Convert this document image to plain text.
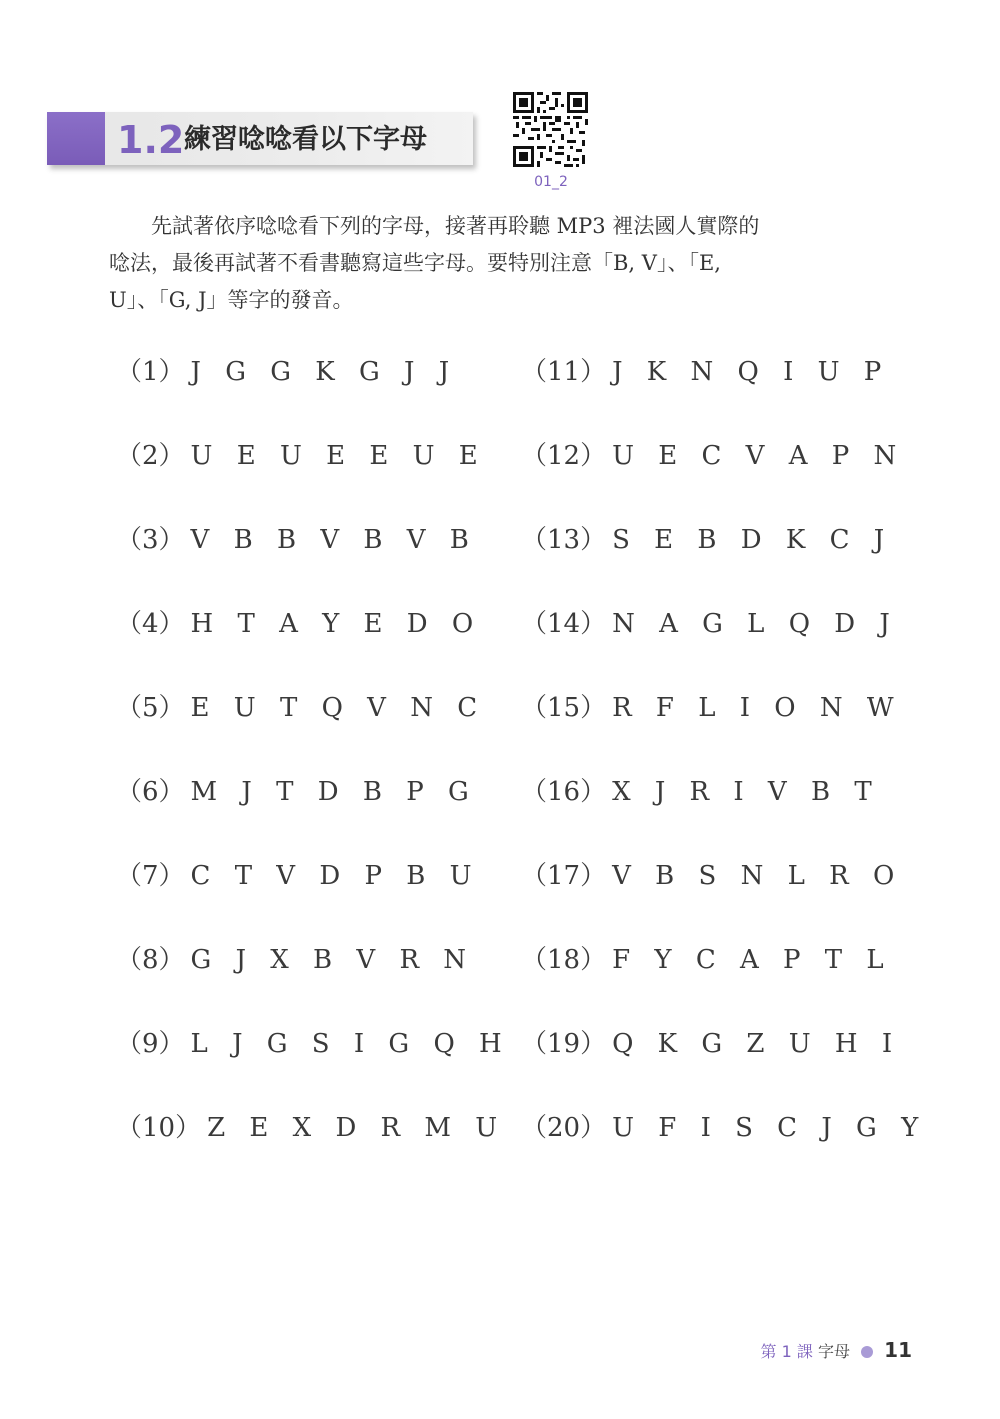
1.2 練習唸唸看以下字母
01_2

先試著依序唸唸看下列的字母，接著再聆聽 MP3 裡法國人實際的

唸法，最後再試著不看書聽寫這些字母。要特別注意「B, V」、「E,

U」、「G, J」等字的發音。

（1） J G G K G J J
（2） U E U E E U E
（3） V B B V B V B
（4） H T A Y E D O
（5） E U T Q V N C
（6） M J T D B P G
（7） C T V D P B U
（8） G J X B V R N
（9） L J G S I G Q H
（10） Z E X D R M U
（11） J K N Q I U P
（12） U E C V A P N
（13） S E B D K C J
（14） N A G L Q D J
（15） R F L I O N W
（16） X J R I V B T
（17） V B S N L R O
（18） F Y C A P T L
（19） Q K G Z U H I
（20） U F I S C J G Y
第 1 課 字母 11
